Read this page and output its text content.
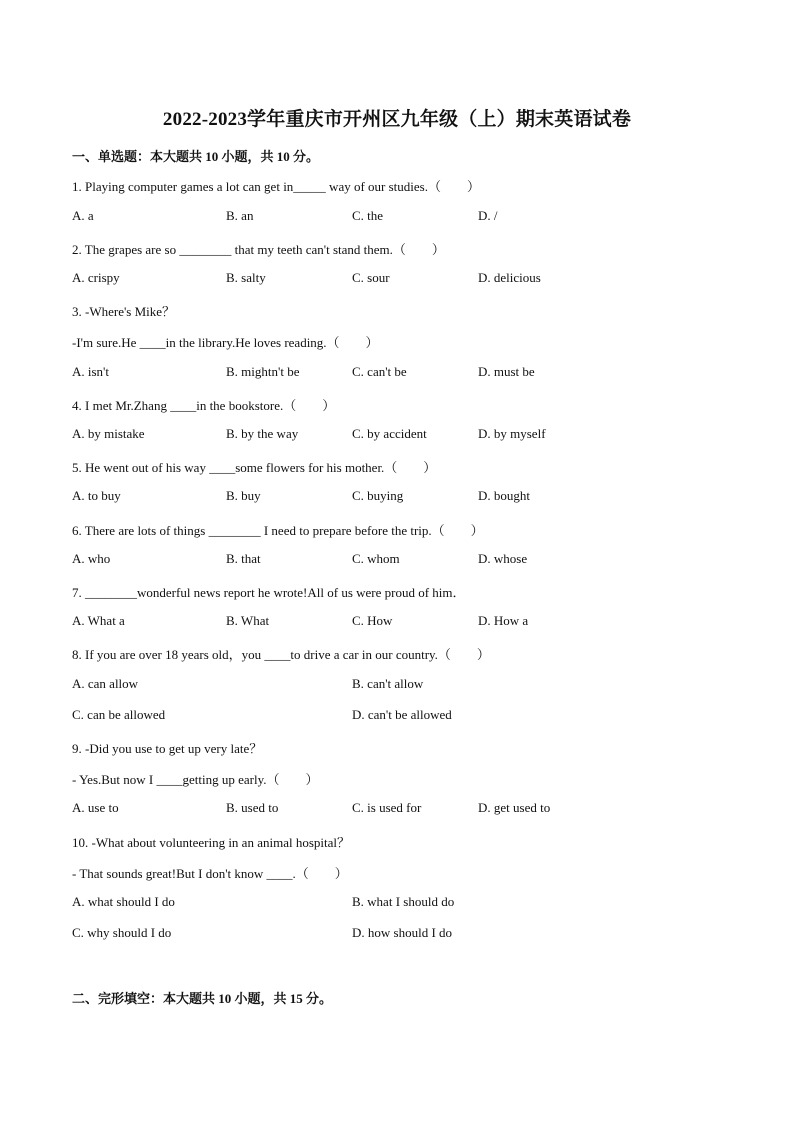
2022-2023学年重庆市开州区九年级（上）期末英语试卷
一、单选题：本大题共 10 小题，共 10 分。
1. Playing computer games a lot can get in_____ way of our studies.（　　）
A. a	B. an	C. the	D. /
2. The grapes are so ________ that my teeth can't stand them.（　　）
A. crispy	B. salty	C. sour	D. delicious
3. -Where's Mike？
-I'm sure.He ____in the library.He loves reading.（　　）
A. isn't	B. mightn't be	C. can't be	D. must be
4. I met Mr.Zhang ____in the bookstore.（　　）
A. by mistake	B. by the way	C. by accident	D. by myself
5. He went out of his way ____some flowers for his mother.（　　）
A. to buy	B. buy	C. buying	D. bought
6. There are lots of things ________ I need to prepare before the trip.（　　）
A. who	B. that	C. whom	D. whose
7. ________wonderful news report he wrote!All of us were proud of him．
A. What a	B. What	C. How	D. How a
8. If you are over 18 years old，you ____to drive a car in our country.（　　）
A. can allow	B. can't allow
C. can be allowed	D. can't be allowed
9. -Did you use to get up very late？
- Yes.But now I ____getting up early.（　　）
A. use to	B. used to	C. is used for	D. get used to
10. -What about volunteering in an animal hospital？
- That sounds great!But I don't know ____.（　　）
A. what should I do	B. what I should do
C. why should I do	D. how should I do
二、完形填空：本大题共 10 小题，共 15 分。
